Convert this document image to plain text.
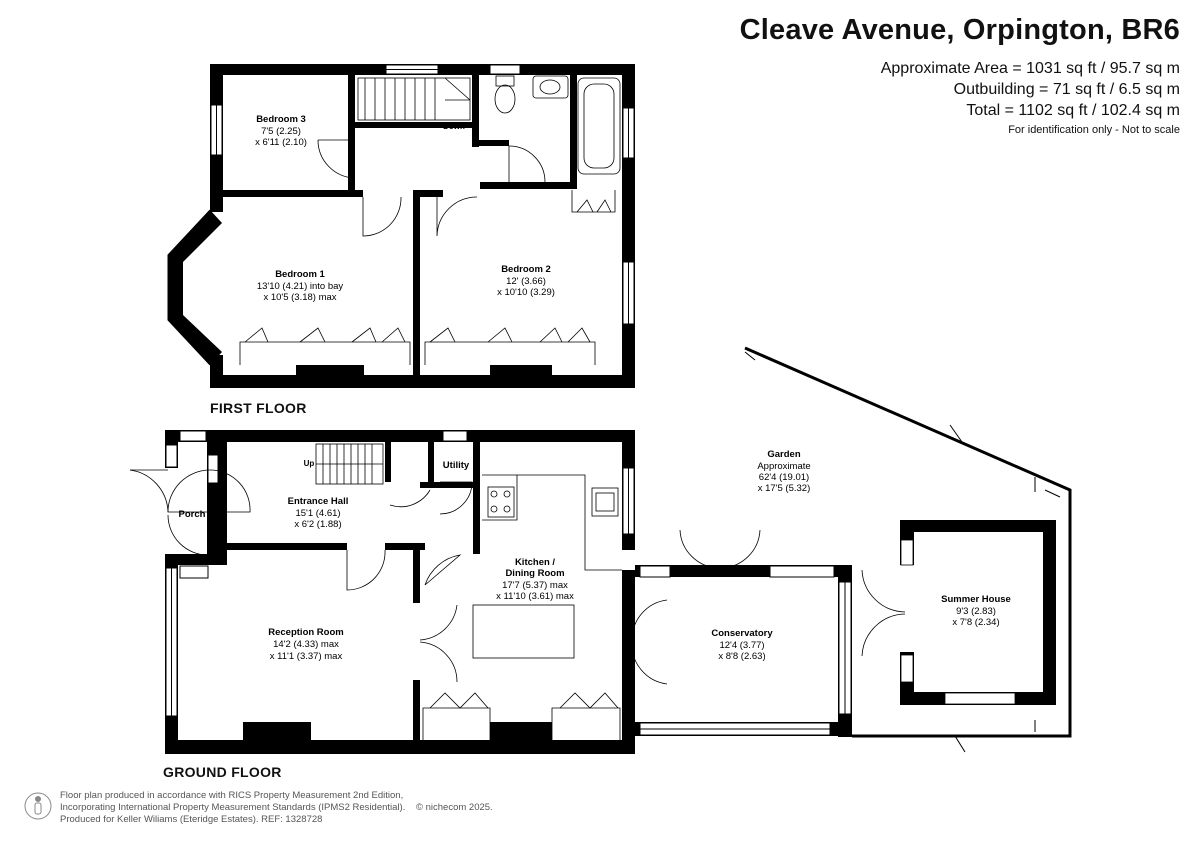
Bedroom 3
7'5 (2.25)
x 6'11 (2.10)
Bedroom 1
13'10 (4.21) into bay
x 10'5 (3.18) max
Bedroom 2
12' (3.66)
x 10'10 (3.29)
Down
Up
Porch
Entrance Hall
15'1 (4.61)
x 6'2 (1.88)
Utility
Reception Room
14'2 (4.33) max
x 11'1 (3.37) max
Kitchen /
Dining Room
17'7 (5.37) max
x 11'10 (3.61) max
Conservatory
12'4 (3.77)
x 8'8 (2.63)
Garden
Approximate
62'4 (19.01)
x 17'5 (5.32)
Summer House
9'3 (2.83)
x 7'8 (2.34)
Cleave Avenue, Orpington, BR6
Approximate Area = 1031 sq ft / 95.7 sq m
Outbuilding = 71 sq ft / 6.5 sq m
Total = 1102 sq ft / 102.4 sq m
For identification only - Not to scale
FIRST FLOOR
GROUND FLOOR
Floor plan produced in accordance with RICS Property Measurement 2nd Edition,
Incorporating International Property Measurement Standards (IPMS2 Residential). © nichecom 2025.
Produced for Keller Wiliams (Eteridge Estates). REF: 1328728
